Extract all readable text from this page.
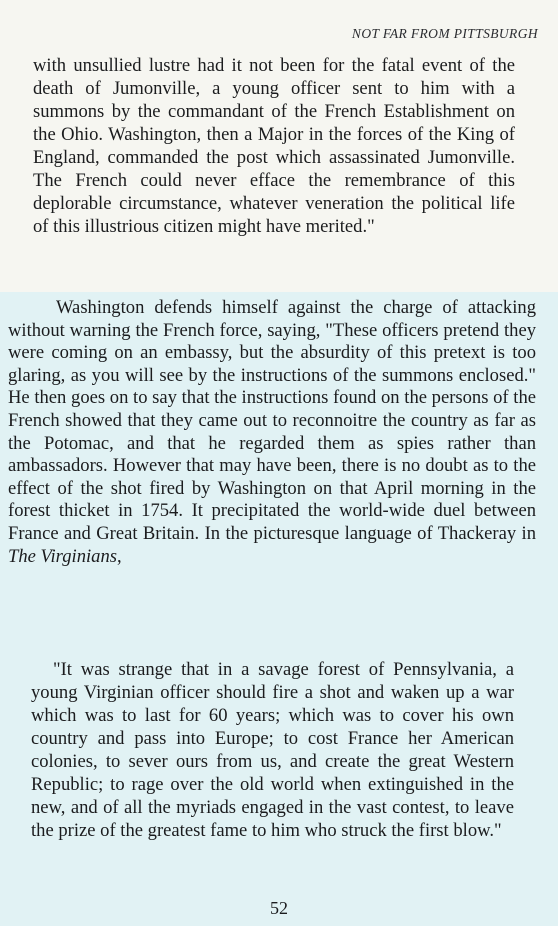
NOT FAR FROM PITTSBURGH
with unsullied lustre had it not been for the fatal event of the death of Jumonville, a young officer sent to him with a summons by the commandant of the French Establishment on the Ohio. Washington, then a Major in the forces of the King of England, commanded the post which assassinated Jumonville. The French could never efface the remembrance of this deplorable circumstance, whatever veneration the political life of this illustrious citizen might have merited."
Washington defends himself against the charge of attacking without warning the French force, saying, "These officers pretend they were coming on an embassy, but the absurdity of this pretext is too glaring, as you will see by the instructions of the summons enclosed." He then goes on to say that the instructions found on the persons of the French showed that they came out to reconnoitre the country as far as the Potomac, and that he regarded them as spies rather than ambassadors. However that may have been, there is no doubt as to the effect of the shot fired by Washington on that April morning in the forest thicket in 1754. It precipitated the world-wide duel between France and Great Britain. In the picturesque language of Thackeray in The Virginians,
"It was strange that in a savage forest of Pennsylvania, a young Virginian officer should fire a shot and waken up a war which was to last for 60 years; which was to cover his own country and pass into Europe; to cost France her American colonies, to sever ours from us, and create the great Western Republic; to rage over the old world when extinguished in the new, and of all the myriads engaged in the vast contest, to leave the prize of the greatest fame to him who struck the first blow."
52
